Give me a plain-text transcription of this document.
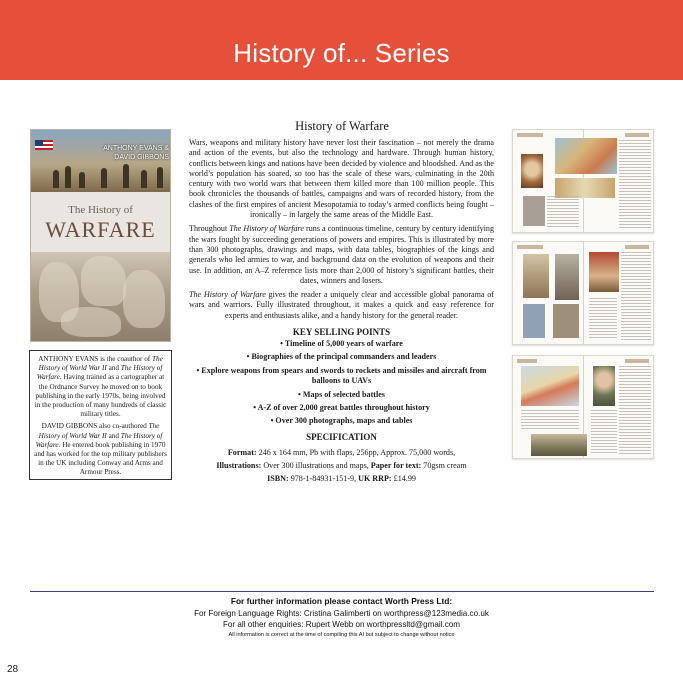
History of... Series
ANTHONY EVANS & DAVID GIBBONS
The History of
WARFARE

ANTHONY EVANS is the coauthor of The History of World War II and The History of Warfare. Having trained as a cartographer at the Ordnance Survey he moved on to book publishing in the early 1970s, being involved in the production of many hundreds of classic military titles.

DAVID GIBBONS also co-authored The History of World War II and The History of Warfare. He entered book publishing in 1970 and has worked for the top military publishers in the UK including Conway and Arms and Armour Press.

History of Warfare

Wars, weapons and military history have never lost their fascination – not merely the drama and action of the events, but also the technology and hardware. Through human history, conflicts between kings and nations have been decided by violence and bloodshed. And as the world’s population has soared, so too has the scale of these wars, culminating in the 20th century with two world wars that between them killed more than 100 million people. This book chronicles the thousands of battles, campaigns and wars of recorded history, from the clashes of the first empires of ancient Mesopotamia to today’s armed conflicts being fought – ironically – in largely the same areas of the Middle East.

Throughout The History of Warfare runs a continuous timeline, century by century identifying the wars fought by succeeding generations of powers and empires. This is illustrated by more than 300 photographs, drawings and maps, with data tables, biographies of the kings and generals who led armies to war, and background data on the evolution of weapons and their use. In addition, an A–Z reference lists more than 2,000 of history’s significant battles, their dates, winners and losers.

The History of Warfare gives the reader a uniquely clear and accessible global panorama of wars and warriors. Fully illustrated throughout, it makes a quick and easy reference for experts and enthusiasts alike, and a handy history for the general reader.

KEY SELLING POINTS
• Timeline of 5,000 years of warfare
• Biographies of the principal commanders and leaders
• Explore weapons from spears and swords to rockets and missiles and aircraft from balloons to UAVs
• Maps of selected battles
• A-Z of over 2,000 great battles throughout history
• Over 300 photographs, maps and tables
SPECIFICATION
Format: 246 x 164 mm, Pb with flaps, 256pp, Approx. 75,000 words,
Illustrations: Over 300 illustrations and maps, Paper for text: 70gsm cream
ISBN: 978-1-84931-151-9, UK RRP: £14.99
For further information please contact Worth Press Ltd:
For Foreign Language Rights: Cristina Galimberti on worthpress@123media.co.uk
For all other enquiries: Rupert Webb on worthpressltd@gmail.com
All information is correct at the time of compiling this AI but subject to change without notice
28
